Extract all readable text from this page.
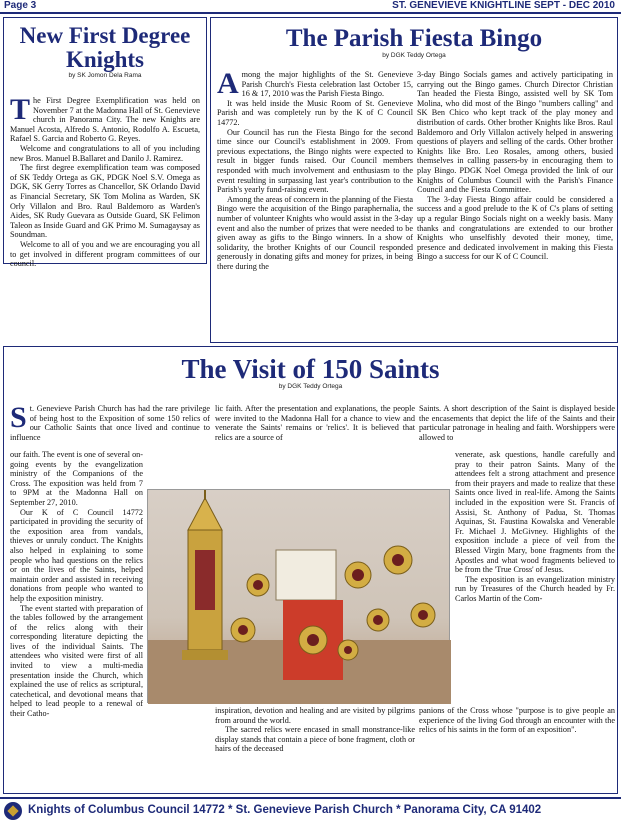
Page 3	ST. GENEVIEVE KNIGHTLINE SEPT - DEC 2010
New First Degree Knights
by SK Jomon Dela Rama
T he First Degree Exemplification was held on November 7 at the Madonna Hall of St. Genevieve church in Panorama City. The new Knights are Manuel Acosta, Alfredo S. Antonio, Rodolfo A. Escueta, Rafael S. Garcia and Roberto G. Reyes.

Welcome and congratulations to all of you including new Bros. Manuel B.Ballaret and Danilo J. Ramirez.

The first degree exemplification team was composed of SK Teddy Ortega as GK, PDGK Noel S.V. Omega as DGK, SK Gerry Torres as Chancellor, SK Orlando David as Financial Secretary, SK Tom Molina as Warden, SK Orly Villalon and Bro. Raul Baldemoro as Warden's Aides, SK Rudy Guevara as Outside Guard, SK Felimon Taleon as Inside Guard and GK Primo M. Sumagaysay as Soundman.

Welcome to all of you and we are encouraging you all to get involved in different program committees of our council.

The Parish Fiesta Bingo
by DGK Teddy Ortega
A mong the major highlights of the St. Genevieve Parish Church's Fiesta celebration last October 15, 16 & 17, 2010 was the Parish Fiesta Bingo.

It was held inside the Music Room of St. Genevieve Parish and was completely run by the K of C Council 14772.

Our Council has run the Fiesta Bingo for the second time since our Council's establishment in 2009. From previous expectations, the Bingo nights were expected to result in bigger funds raised. Our Council members responded with much involvement and enthusiasm to the event resulting in surpassing last year's contribution to the Parish's yearly fund-raising event.

Among the areas of concern in the planning of the Fiesta Bingo were the acquisition of the Bingo paraphernalia, the number of volunteer Knights who would assist in the 3-day event and also the number of prizes that were needed to be given away as gifts to the Bingo winners. In a show of solidarity, the brother Knights of our Council responded generously in donating gifts and money for prizes, in being there during the

3-day Bingo Socials games and actively participating in carrying out the Bingo games. Church Director Christian Tan headed the Fiesta Bingo, assisted well by SK Tom Molina, who did most of the Bingo "numbers calling" and SK Ben Chico who kept track of the play money and distribution of cards. Other brother Knights like Bros. Raul Baldemoro and Orly Villalon actively helped in answering questions of players and selling of the cards. Other brother Knights like Bro. Leo Rosales, among others, busied themselves in calling passers-by in encouraging them to play Bingo. PDGK Noel Omega provided the link of our Knights of Columbus Council with the Parish's Finance Council and the Fiesta Committee.

The 3-day Fiesta Bingo affair could be considered a success and a good prelude to the K of C's plans of setting up a regular Bingo Socials night on a weekly basis. Many thanks and congratulations are extended to our brother Knights who unselfishly devoted their money, time, presence and dedicated involvement in making this Fiesta Bingo a success for our K of C Council.

The Visit of 150 Saints
by DGK Teddy Ortega
S t. Genevieve Parish Church has had the rare privilege of being host to the Exposition of some 150 relics of our Catholic Saints that once lived and continue to influence

our faith. The event is one of several on-going events by the evangelization ministry of the Companions of the Cross. The exposition was held from 7 to 9PM at the Madonna Hall on September 27, 2010.

Our K of C Council 14772 participated in providing the security of the exposition area from vandals, thieves or unruly conduct. The Knights also helped in explaining to some people who had questions on the relics or on the lives of the Saints, helped maintain order and assisted in receiving donations from people who wanted to help the exposition ministry.

The event started with preparation of the tables followed by the arrangement of the relics along with their corresponding literature depicting the lives of the individual Saints. The attendees who visited were first of all invited to view a multi-media presentation inside the Church, which explained the use of relics as scriptural, catechetical, and devotional means that helped to lead people to a renewal of their Catho-

lic faith. After the presentation and explanations, the people were invited to the Madonna Hall for a chance to view and venerate the Saints' remains or 'relics'. It is believed that relics are a source of

inspiration, devotion and healing and are visited by pilgrims from around the world.

The sacred relics were encased in small monstrance-like display stands that contain a piece of bone fragment, cloth or hairs of the deceased

Saints. A short description of the Saint is displayed beside the encasements that depict the life of the Saints and their particular patronage in healing and faith. Worshippers were allowed to

venerate, ask questions, handle carefully and pray to their patron Saints. Many of the attendees felt a strong attachment and presence from their prayers and made to realize that these Saints once lived in real-life. Among the Saints included in the exposition were St. Francis of Assisi, St. Anthony of Padua, St. Thomas Aquinas, St. Faustina Kowalska and Venerable Fr. Michael J. McGivney. Highlights of the exposition include a piece of veil from the Blessed Virgin Mary, bone fragments from the Apostles and what wood fragments believed to be from the 'True Cross' of Jesus.

The exposition is an evangelization ministry run by Treasures of the Church headed by Fr. Carlos Martin of the Com-

panions of the Cross whose "purpose is to give people an experience of the living God through an encounter with the relics of his saints in the form of an exposition".

Knights of Columbus Council 14772 * St. Genevieve Parish Church * Panorama City, CA 91402
